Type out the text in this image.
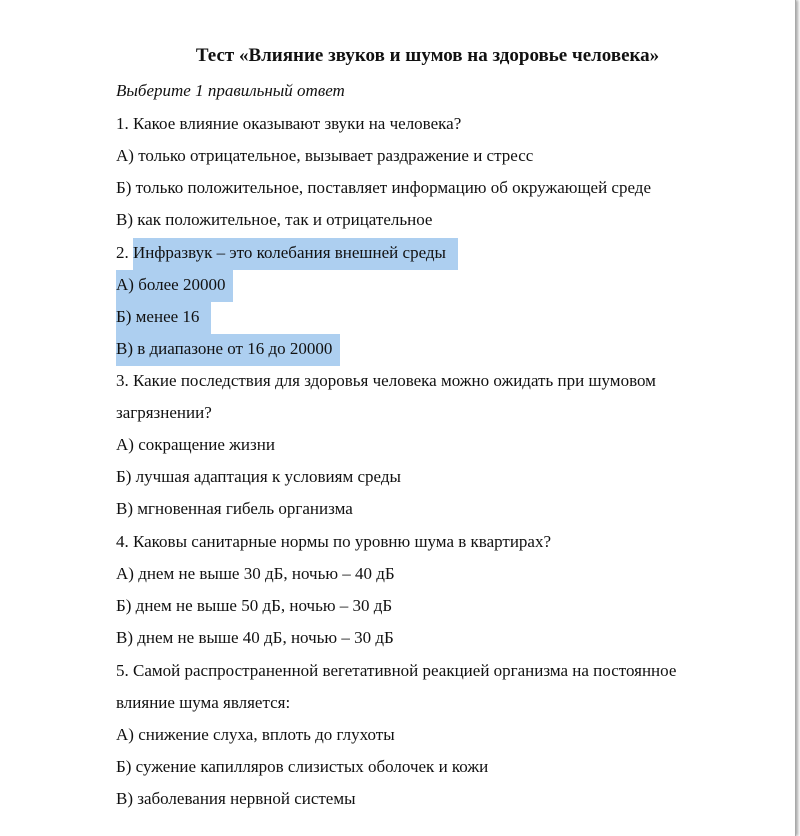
Тест «Влияние звуков и шумов на здоровье человека»
Выберите 1 правильный ответ
1. Какое влияние оказывают звуки на человека?
А) только отрицательное, вызывает раздражение и стресс
Б) только положительное, поставляет информацию об окружающей среде
В) как положительное, так и отрицательное
2. Инфразвук – это колебания внешней среды
А) более 20000
Б) менее 16
В) в диапазоне от 16 до 20000
3. Какие последствия для здоровья человека можно ожидать при шумовом
загрязнении?
А) сокращение жизни
Б) лучшая адаптация к условиям среды
В) мгновенная гибель организма
4. Каковы санитарные нормы по уровню шума в квартирах?
А) днем не выше 30 дБ, ночью – 40 дБ
Б) днем не выше 50 дБ, ночью – 30 дБ
В) днем не выше 40 дБ, ночью – 30 дБ
5. Самой распространенной вегетативной реакцией организма на постоянное
влияние шума является:
А) снижение слуха, вплоть до глухоты
Б) сужение капилляров слизистых оболочек и кожи
В) заболевания нервной системы
